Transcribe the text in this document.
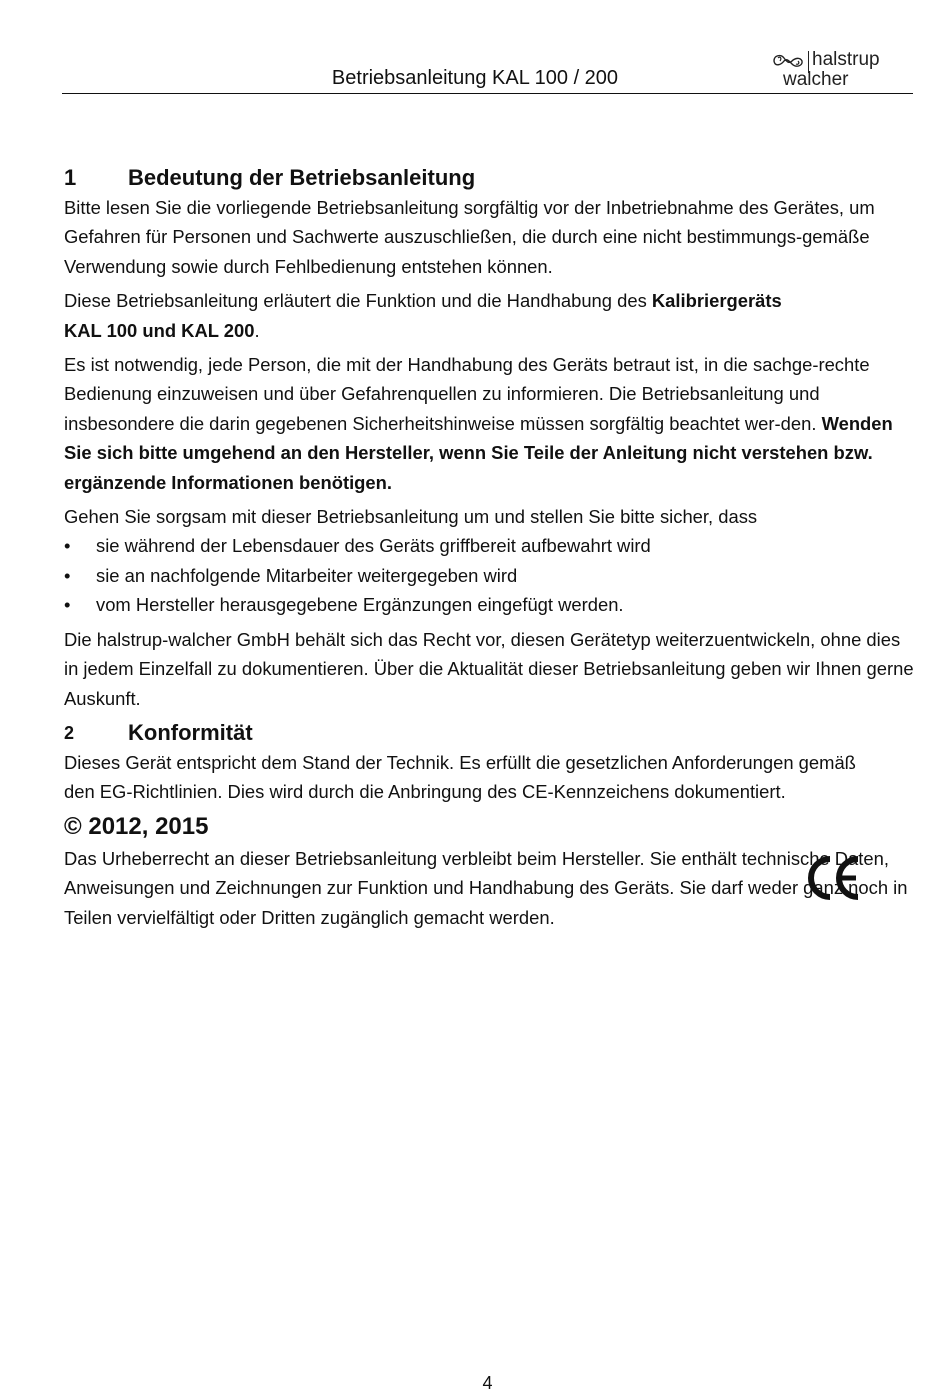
Betriebsanleitung KAL 100 / 200
halstrup
walcher
1	Bedeutung der Betriebsanleitung

Bitte lesen Sie die vorliegende Betriebsanleitung sorgfältig vor der Inbetriebnahme des Gerätes, um Gefahren für Personen und Sachwerte auszuschließen, die durch eine nicht bestimmungs-gemäße Verwendung sowie durch Fehlbedienung entstehen können.

Diese Betriebsanleitung erläutert die Funktion und die Handhabung des Kalibriergeräts
KAL 100 und KAL 200.

Es ist notwendig, jede Person, die mit der Handhabung des Geräts betraut ist, in die sachge-rechte Bedienung einzuweisen und über Gefahrenquellen zu informieren. Die Betriebsanleitung und insbesondere die darin gegebenen Sicherheitshinweise müssen sorgfältig beachtet wer-den. Wenden Sie sich bitte umgehend an den Hersteller, wenn Sie Teile der Anleitung nicht verstehen bzw. ergänzende Informationen benötigen.

Gehen Sie sorgsam mit dieser Betriebsanleitung um und stellen Sie bitte sicher, dass

• sie während der Lebensdauer des Geräts griffbereit aufbewahrt wird
• sie an nachfolgende Mitarbeiter weitergegeben wird
• vom Hersteller herausgegebene Ergänzungen eingefügt werden.

Die halstrup-walcher GmbH behält sich das Recht vor, diesen Gerätetyp weiterzuentwickeln, ohne dies in jedem Einzelfall zu dokumentieren. Über die Aktualität dieser Betriebsanleitung geben wir Ihnen gerne Auskunft.

2	Konformität

Dieses Gerät entspricht dem Stand der Technik. Es erfüllt die gesetzlichen Anforderungen gemäß den EG-Richtlinien. Dies wird durch die Anbringung des CE-Kennzeichens dokumentiert.

© 2012, 2015

Das Urheberrecht an dieser Betriebsanleitung verbleibt beim Hersteller. Sie enthält technische Daten, Anweisungen und Zeichnungen zur Funktion und Handhabung des Geräts. Sie darf weder ganz noch in Teilen vervielfältigt oder Dritten zugänglich gemacht werden.

4
